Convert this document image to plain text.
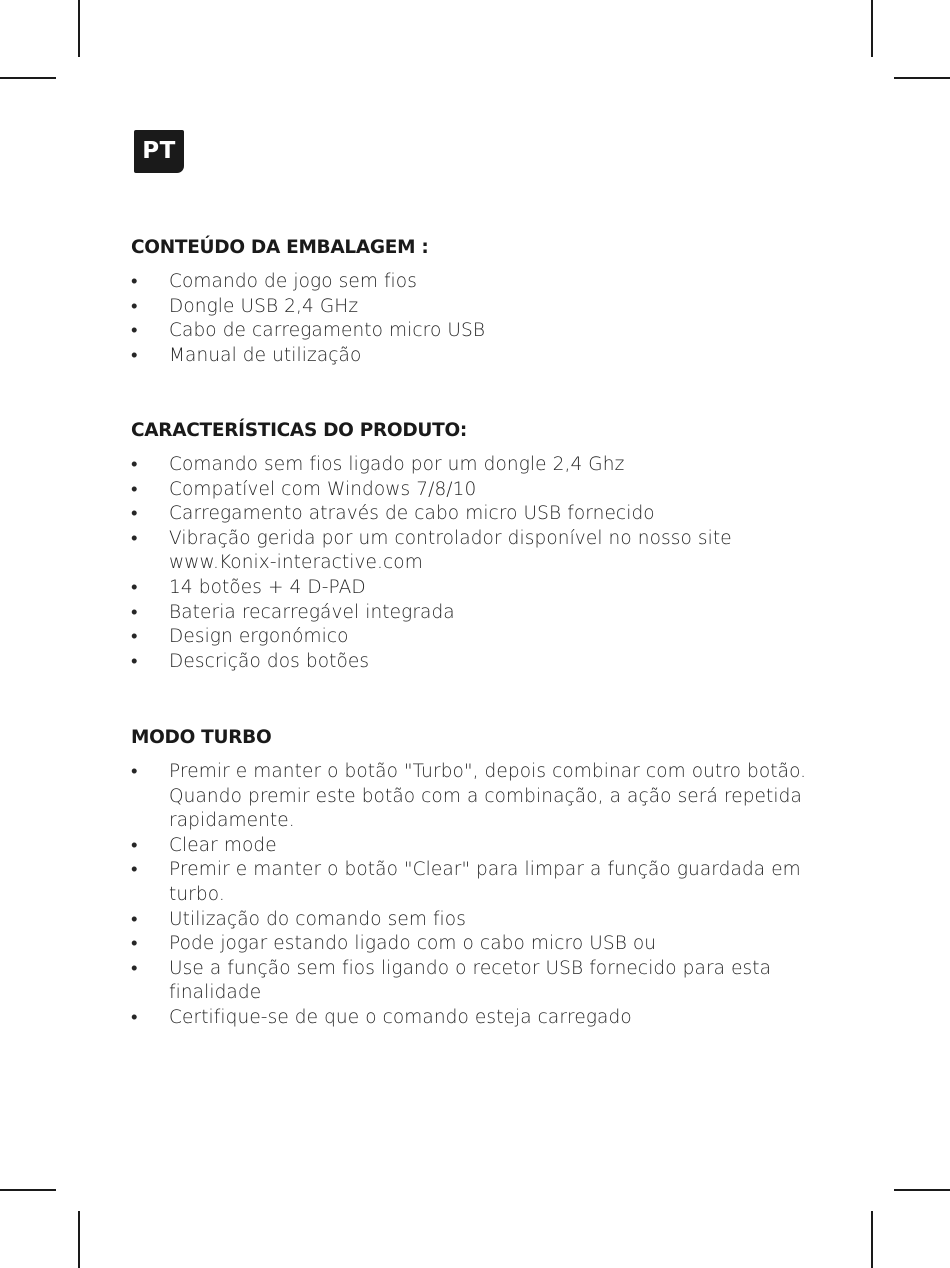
PT
CONTEÚDO DA EMBALAGEM :
• Comando de jogo sem fios
• Dongle USB 2,4 GHz
• Cabo de carregamento micro USB
• Manual de utilização
CARACTERÍSTICAS DO PRODUTO:
• Comando sem fios ligado por um dongle 2,4 Ghz
• Compatível com Windows 7/8/10
• Carregamento através de cabo micro USB fornecido
• Vibração gerida por um controlador disponível no nosso site www.Konix-interactive.com
• 14 botões + 4 D-PAD
• Bateria recarregável integrada
• Design ergonómico
• Descrição dos botões
MODO TURBO
• Premir e manter o botão "Turbo", depois combinar com outro botão. Quando premir este botão com a combinação, a ação será repetida rapidamente.
• Clear mode
• Premir e manter o botão "Clear" para limpar a função guardada em turbo.
• Utilização do comando sem fios
• Pode jogar estando ligado com o cabo micro USB ou
• Use a função sem fios ligando o recetor USB fornecido para esta finalidade
• Certifique-se de que o comando esteja carregado
